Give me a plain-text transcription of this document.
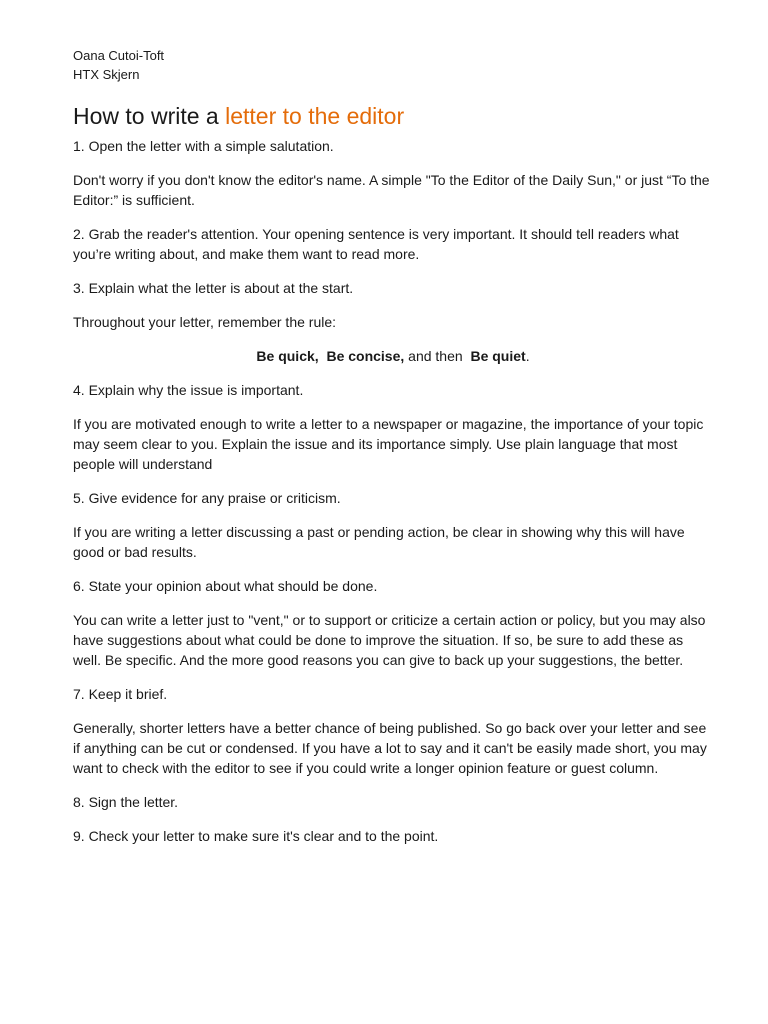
Oana Cutoi-Toft

HTX Skjern

How to write a letter to the editor

1. Open the letter with a simple salutation.

Don't worry if you don't know the editor's name. A simple "To the Editor of the Daily Sun," or just “To the Editor:” is sufficient.

2. Grab the reader's attention. Your opening sentence is very important. It should tell readers what you’re writing about, and make them want to read more.

3. Explain what the letter is about at the start.

Throughout your letter, remember the rule:

Be quick, Be concise, and then Be quiet.

4. Explain why the issue is important.

If you are motivated enough to write a letter to a newspaper or magazine, the importance of your topic may seem clear to you. Explain the issue and its importance simply. Use plain language that most people will understand

5. Give evidence for any praise or criticism.

If you are writing a letter discussing a past or pending action, be clear in showing why this will have good or bad results.

6. State your opinion about what should be done.

You can write a letter just to "vent," or to support or criticize a certain action or policy, but you may also have suggestions about what could be done to improve the situation. If so, be sure to add these as well. Be specific. And the more good reasons you can give to back up your suggestions, the better.

7. Keep it brief.

Generally, shorter letters have a better chance of being published. So go back over your letter and see if anything can be cut or condensed. If you have a lot to say and it can't be easily made short, you may want to check with the editor to see if you could write a longer opinion feature or guest column.

8. Sign the letter.

9. Check your letter to make sure it's clear and to the point.
